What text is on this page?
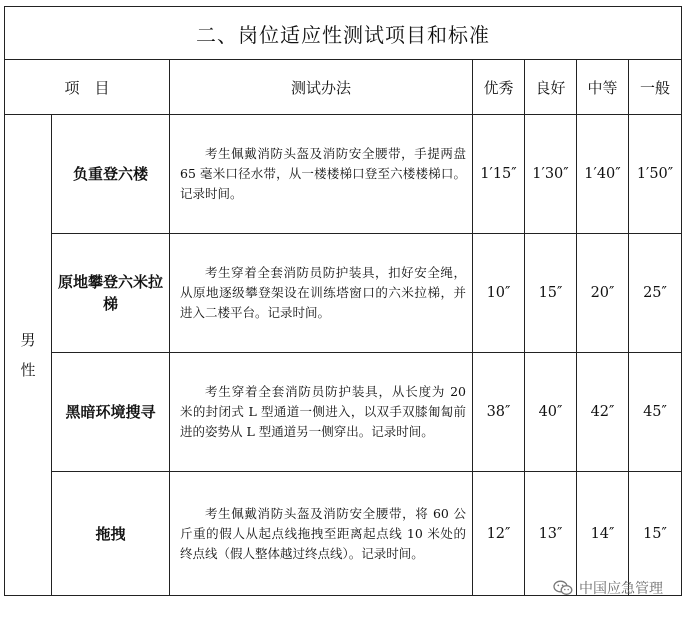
二、岗位适应性测试项目和标准						
项　目		测试办法	优秀	良好	中等	一般

男
性	负重登六楼	考生佩戴消防头盔及消防安全腰带，手提两盘 65 毫米口径水带，从一楼楼梯口登至六楼楼梯口。记录时间。	1′15″	1′30″	1′40″	1′50″
	原地攀登六米拉梯	考生穿着全套消防员防护装具，扣好安全绳，从原地逐级攀登架设在训练塔窗口的六米拉梯，并进入二楼平台。记录时间。	10″	15″	20″	25″
	黑暗环境搜寻	考生穿着全套消防员防护装具，从长度为 20 米的封闭式 L 型通道一侧进入，以双手双膝匍匐前进的姿势从 L 型通道另一侧穿出。记录时间。	38″	40″	42″	45″
	拖拽	考生佩戴消防头盔及消防安全腰带，将 60 公斤重的假人从起点线拖拽至距离起点线 10 米处的终点线（假人整体越过终点线）。记录时间。	12″	13″	14″	15″
中国应急管理
